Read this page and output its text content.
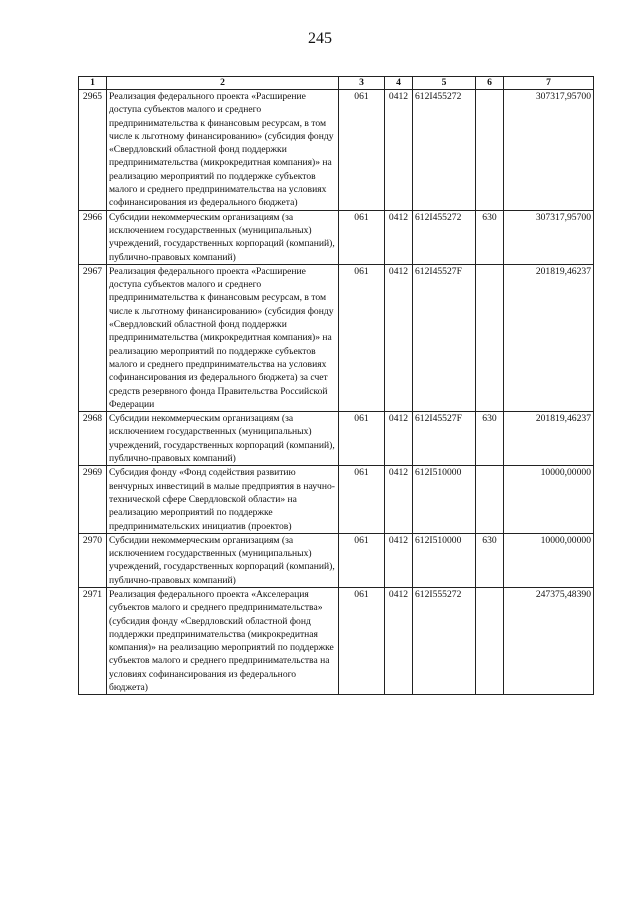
245
1	2	3	4	5	6	7
2965	Реализация федерального проекта «Расширение доступа субъектов малого и среднего предпринимательства к финансовым ресурсам, в том числе к льготному финансированию» (субсидия фонду «Свердловский областной фонд поддержки предпринимательства (микрокредитная компания)» на реализацию мероприятий по поддержке субъектов малого и среднего предпринимательства на условиях софинансирования из федерального бюджета)	061	0412	612I455272		307317,95700
2966	Субсидии некоммерческим организациям (за исключением государственных (муниципальных) учреждений, государственных корпораций (компаний), публично-правовых компаний)	061	0412	612I455272	630	307317,95700
2967	Реализация федерального проекта «Расширение доступа субъектов малого и среднего предпринимательства к финансовым ресурсам, в том числе к льготному финансированию» (субсидия фонду «Свердловский областной фонд поддержки предпринимательства (микрокредитная компания)» на реализацию мероприятий по поддержке субъектов малого и среднего предпринимательства на условиях софинансирования из федерального бюджета) за счет средств резервного фонда Правительства Российской Федерации	061	0412	612I45527F		201819,46237
2968	Субсидии некоммерческим организациям (за исключением государственных (муниципальных) учреждений, государственных корпораций (компаний), публично-правовых компаний)	061	0412	612I45527F	630	201819,46237
2969	Субсидия фонду «Фонд содействия развитию венчурных инвестиций в малые предприятия в научно-технической сфере Свердловской области» на реализацию мероприятий по поддержке предпринимательских инициатив (проектов)	061	0412	612I510000		10000,00000
2970	Субсидии некоммерческим организациям (за исключением государственных (муниципальных) учреждений, государственных корпораций (компаний), публично-правовых компаний)	061	0412	612I510000	630	10000,00000
2971	Реализация федерального проекта «Акселерация субъектов малого и среднего предпринимательства» (субсидия фонду «Свердловский областной фонд поддержки предпринимательства (микрокредитная компания)» на реализацию мероприятий по поддержке субъектов малого и среднего предпринимательства на условиях софинансирования из федерального бюджета)	061	0412	612I555272		247375,48390
